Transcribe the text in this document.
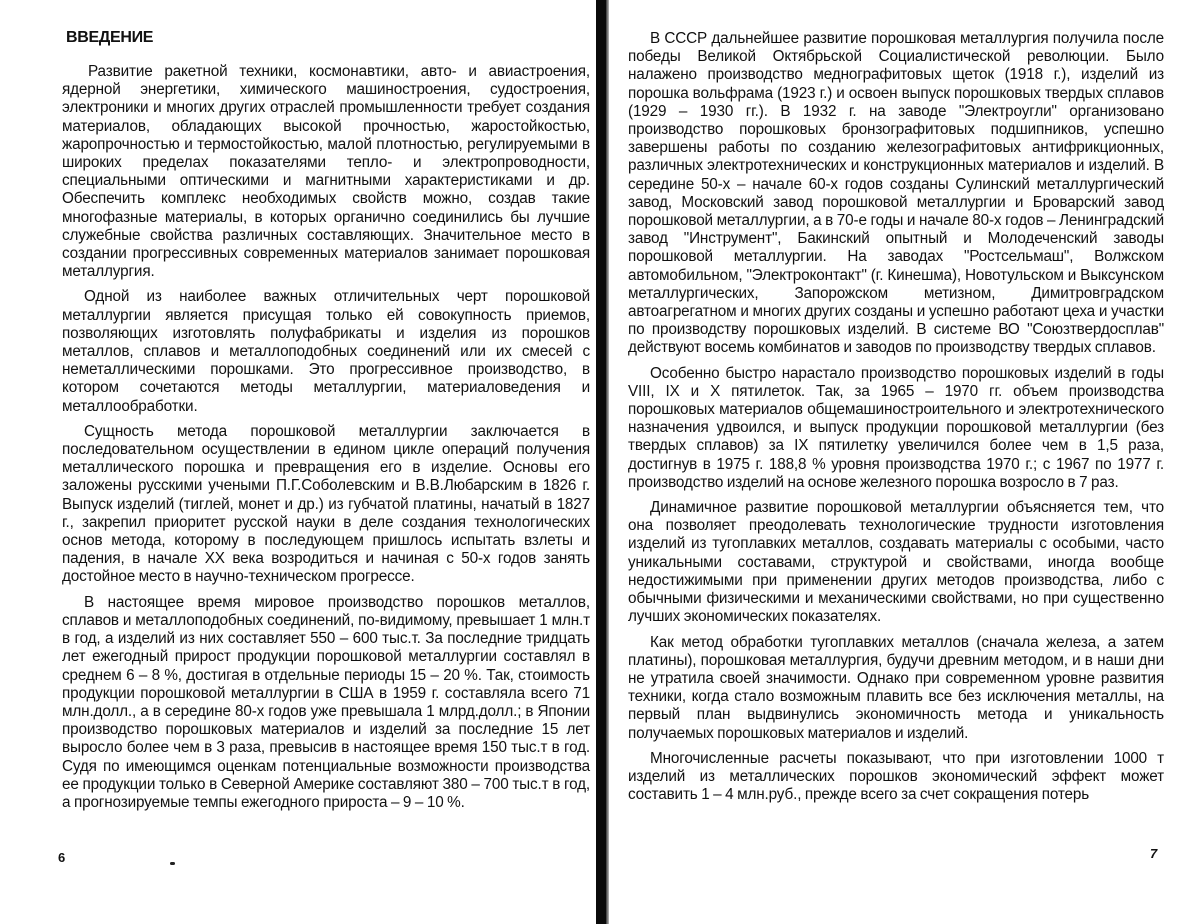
ВВЕДЕНИЕ

Развитие ракетной техники, космонавтики, авто- и авиастроения, ядерной энергетики, химического машиностроения, судостроения, электроники и многих других отраслей промышленности требует создания материалов, обладающих высокой прочностью, жаростойкостью, жаропрочностью и термостойкостью, малой плотностью, регулируемыми в широких пределах показателями тепло- и электропроводности, специальными оптическими и магнитными характеристиками и др. Обеспечить комплекс необходимых свойств можно, создав такие многофазные материалы, в которых органично соединились бы лучшие служебные свойства различных составляющих. Значительное место в создании прогрессивных современных материалов занимает порошковая металлургия.

Одной из наиболее важных отличительных черт порошковой металлургии является присущая только ей совокупность приемов, позволяющих изготовлять полуфабрикаты и изделия из порошков металлов, сплавов и металлоподобных соединений или их смесей с неметаллическими порошками. Это прогрессивное производство, в котором сочетаются методы металлургии, материаловедения и металлообработки.

Сущность метода порошковой металлургии заключается в последовательном осуществлении в едином цикле операций получения металлического порошка и превращения его в изделие. Основы его заложены русскими учеными П.Г.Соболевским и В.В.Любарским в 1826 г. Выпуск изделий (тиглей, монет и др.) из губчатой платины, начатый в 1827 г., закрепил приоритет русской науки в деле создания технологических основ метода, которому в последующем пришлось испытать взлеты и падения, в начале XX века возродиться и начиная с 50-х годов занять достойное место в научно-техническом прогрессе.

В настоящее время мировое производство порошков металлов, сплавов и металлоподобных соединений, по-видимому, превышает 1 млн.т в год, а изделий из них составляет 550 – 600 тыс.т. За последние тридцать лет ежегодный прирост продукции порошковой металлургии составлял в среднем 6 – 8 %, достигая в отдельные периоды 15 – 20 %. Так, стоимость продукции порошковой металлургии в США в 1959 г. составляла всего 71 млн.долл., а в середине 80-х годов уже превышала 1 млрд.долл.; в Японии производство порошковых материалов и изделий за последние 15 лет выросло более чем в 3 раза, превысив в настоящее время 150 тыс.т в год. Судя по имеющимся оценкам потенциальные возможности производства ее продукции только в Северной Америке составляют 380 – 700 тыс.т в год, а прогнозируемые темпы ежегодного прироста – 9 – 10 %.

В СССР дальнейшее развитие порошковая металлургия получила после победы Великой Октябрьской Социалистической революции. Было налажено производство меднографитовых щеток (1918 г.), изделий из порошка вольфрама (1923 г.) и освоен выпуск порошковых твердых сплавов (1929 – 1930 гг.). В 1932 г. на заводе "Электроугли" организовано производство порошковых бронзографитовых подшипников, успешно завершены работы по созданию железографитовых антифрикционных, различных электротехнических и конструкционных материалов и изделий. В середине 50-х – начале 60-х годов созданы Сулинский металлургический завод, Московский завод порошковой металлургии и Броварский завод порошковой металлургии, а в 70-е годы и начале 80-х годов – Ленинградский завод "Инструмент", Бакинский опытный и Молодеченский заводы порошковой металлургии. На заводах "Ростсельмаш", Волжском автомобильном, "Электроконтакт" (г. Кинешма), Новотульском и Выксунском металлургических, Запорожском метизном, Димитровградском автоагрегатном и многих других созданы и успешно работают цеха и участки по производству порошковых изделий. В системе ВО "Союзтвердосплав" действуют восемь комбинатов и заводов по производству твердых сплавов.

Особенно быстро нарастало производство порошковых изделий в годы VIII, IX и X пятилеток. Так, за 1965 – 1970 гг. объем производства порошковых материалов общемашиностроительного и электротехнического назначения удвоился, и выпуск продукции порошковой металлургии (без твердых сплавов) за IX пятилетку увеличился более чем в 1,5 раза, достигнув в 1975 г. 188,8 % уровня производства 1970 г.; с 1967 по 1977 г. производство изделий на основе железного порошка возросло в 7 раз.

Динамичное развитие порошковой металлургии объясняется тем, что она позволяет преодолевать технологические трудности изготовления изделий из тугоплавких металлов, создавать материалы с особыми, часто уникальными составами, структурой и свойствами, иногда вообще недостижимыми при применении других методов производства, либо с обычными физическими и механическими свойствами, но при существенно лучших экономических показателях.

Как метод обработки тугоплавких металлов (сначала железа, а затем платины), порошковая металлургия, будучи древним методом, и в наши дни не утратила своей значимости. Однако при современном уровне развития техники, когда стало возможным плавить все без исключения металлы, на первый план выдвинулись экономичность метода и уникальность получаемых порошковых материалов и изделий.

Многочисленные расчеты показывают, что при изготовлении 1000 т изделий из металлических порошков экономический эффект может составить 1 – 4 млн.руб., прежде всего за счет сокращения потерь

6	7
